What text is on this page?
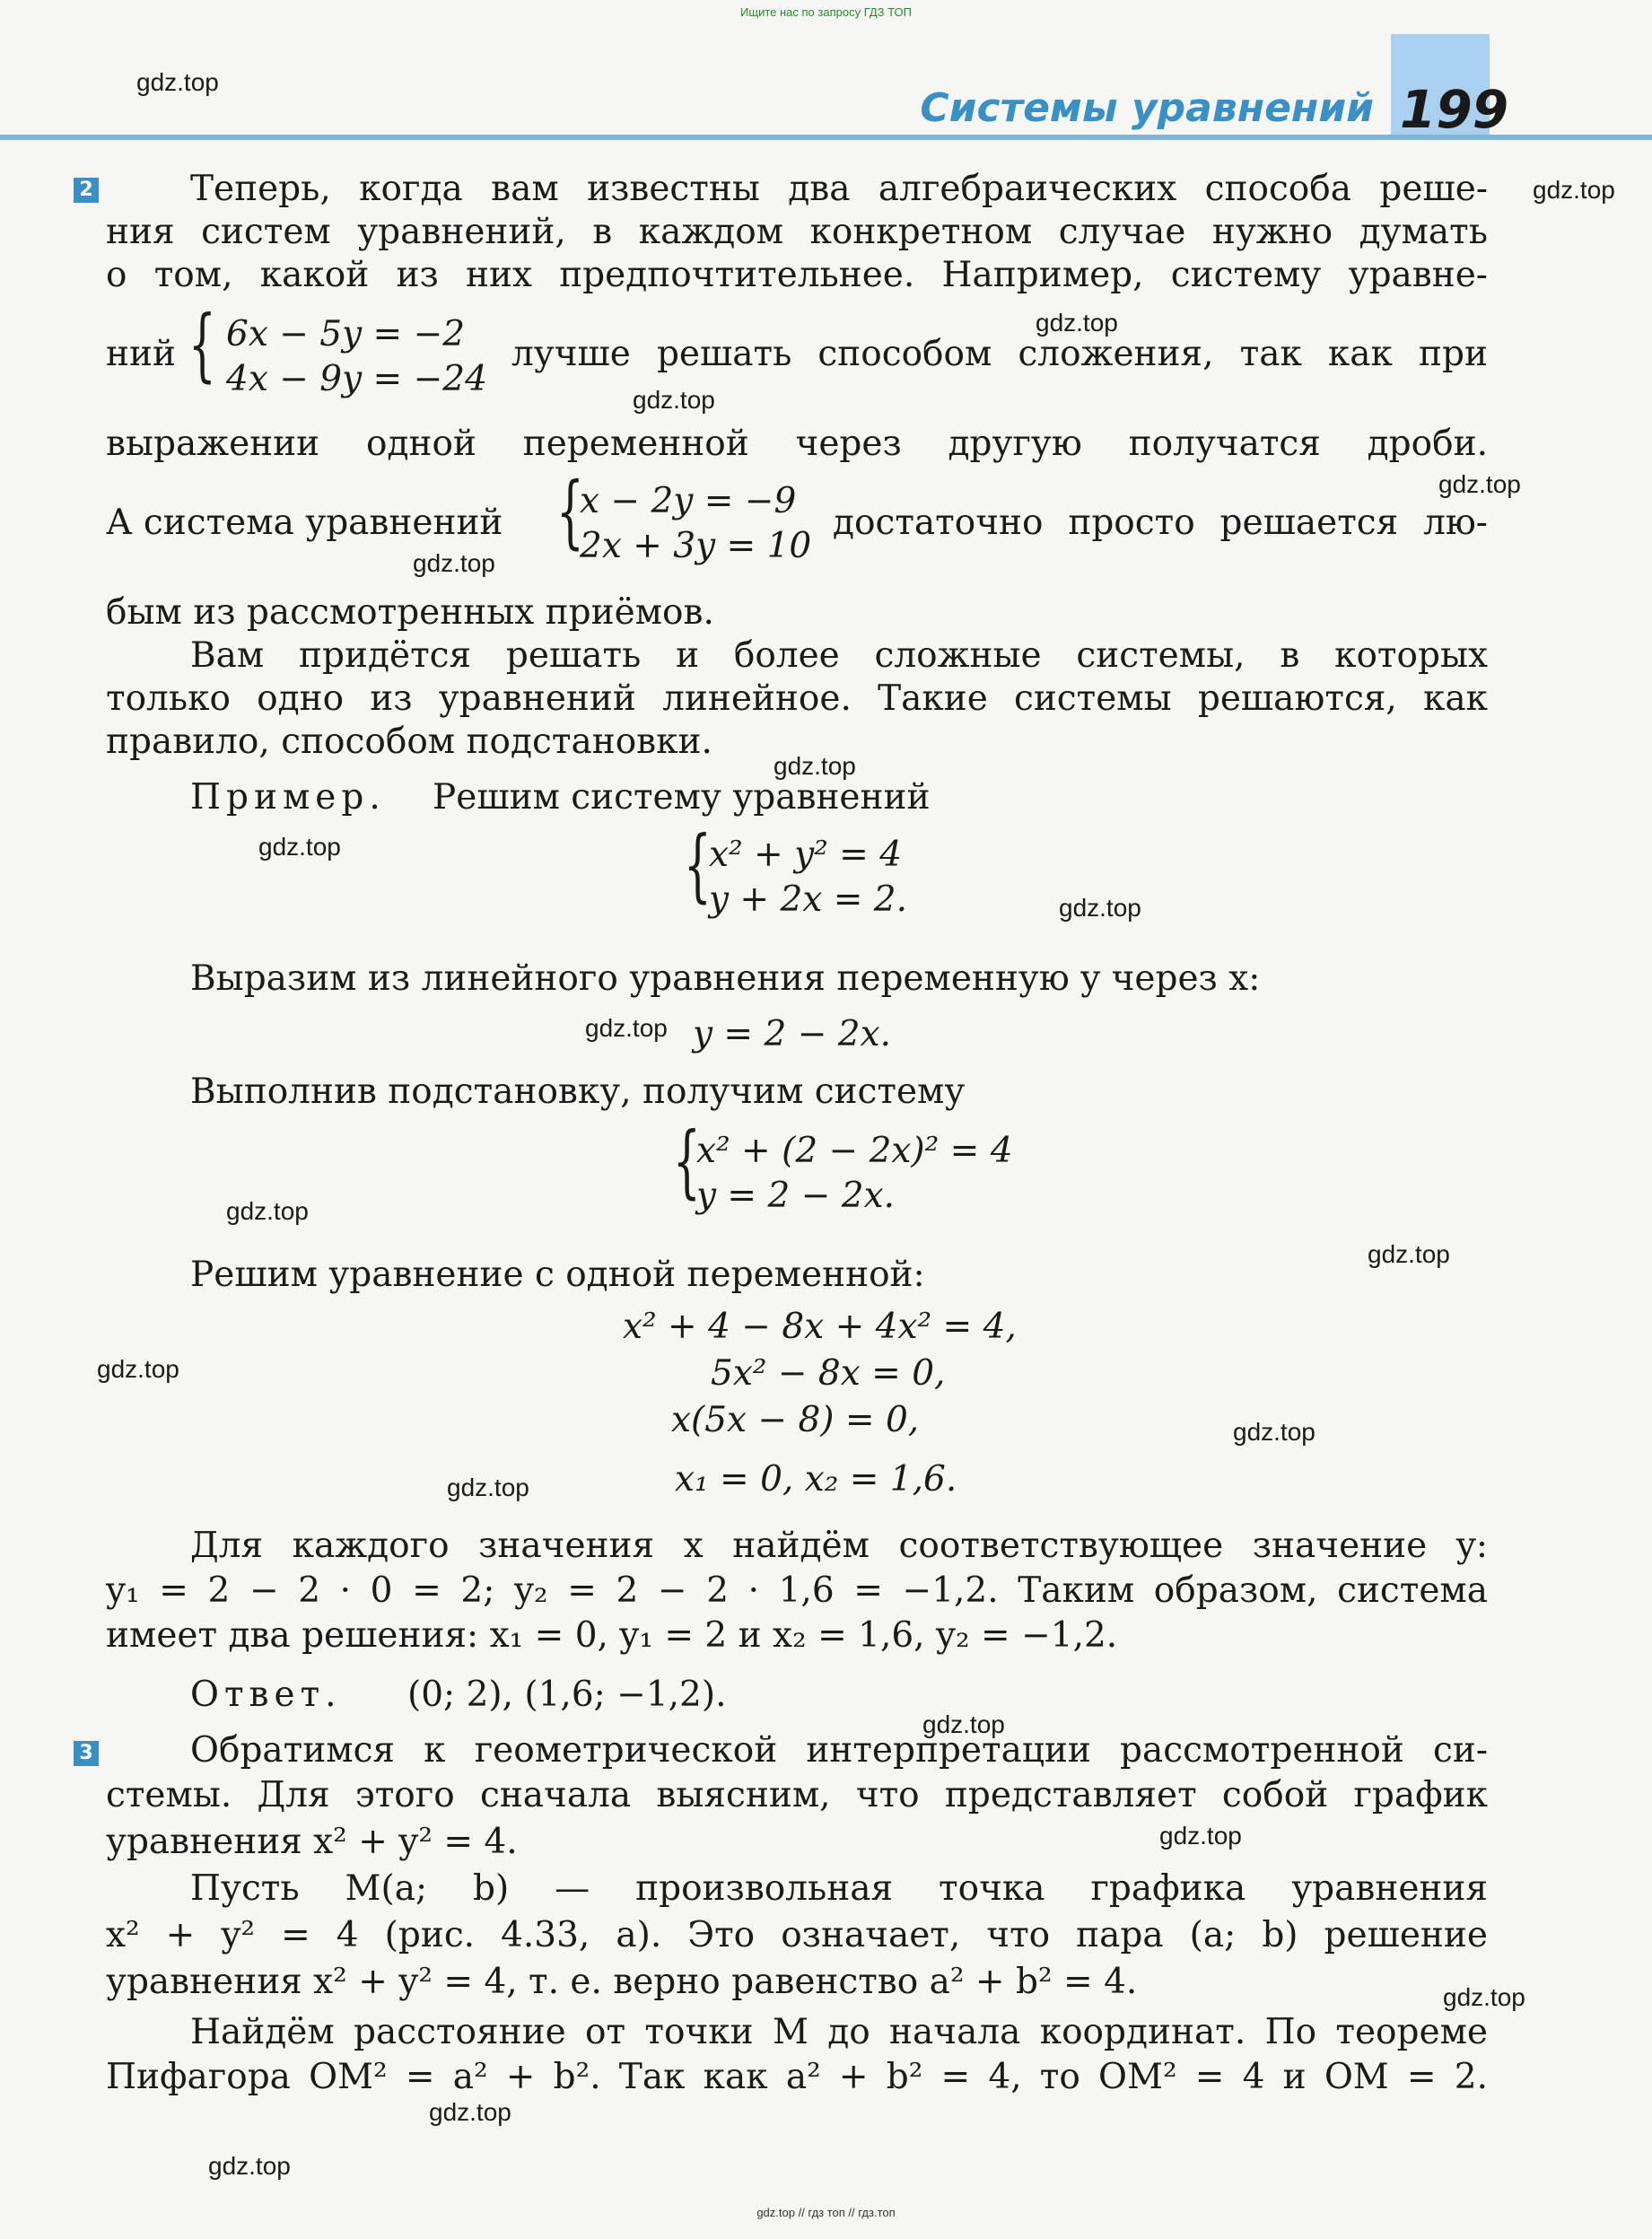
Ищите нас по запросу ГДЗ ТОП
Системы уравнений 199
gdz.top
gdz.top
gdz.top
gdz.top
gdz.top
gdz.top
gdz.top
gdz.top
gdz.top
gdz.top
gdz.top
gdz.top
gdz.top
gdz.top
gdz.top
gdz.top
gdz.top
gdz.top
gdz.top
gdz.top
2
3
Теперь, когда вам известны два алгебраических способа реше-
ния систем уравнений, в каждом конкретном случае нужно думать
о том, какой из них предпочтительнее. Например, систему уравне-
ний { 6x − 5y = −2
4x − 9y = −24
лучше решать способом сложения, так как при
выражении одной переменной через другую получатся дроби.
А система уравнений {
x − 2y = −9
2x + 3y = 10
достаточно просто решается лю-
бым из рассмотренных приёмов.
Вам придётся решать и более сложные системы, в которых
только одно из уравнений линейное. Такие системы решаются, как
правило, способом подстановки.
Пример.	Решим систему уравнений
{
x² + y² = 4
y + 2x = 2.
Выразим из линейного уравнения переменную y через x:
y = 2 − 2x.
Выполнив подстановку, получим систему
{
x² + (2 − 2x)² = 4
y = 2 − 2x.
Решим уравнение с одной переменной:
x² + 4 − 8x + 4x² = 4,
5x² − 8x = 0,
x(5x − 8) = 0,
x₁ = 0, x₂ = 1,6.
Для каждого значения x найдём соответствующее значение y:
y₁ = 2 − 2 · 0 = 2; y₂ = 2 − 2 · 1,6 = −1,2. Таким образом, система
имеет два решения: x₁ = 0, y₁ = 2 и x₂ = 1,6, y₂ = −1,2.
Ответ.	(0; 2), (1,6; −1,2).
Обратимся к геометрической интерпретации рассмотренной си-
стемы. Для этого сначала выясним, что представляет собой график
уравнения x² + y² = 4.
Пусть M(a; b) — произвольная точка графика уравнения
x² + y² = 4 (рис. 4.33, а). Это означает, что пара (a; b) решение
уравнения x² + y² = 4, т. е. верно равенство a² + b² = 4.
Найдём расстояние от точки M до начала координат. По теореме
Пифагора OM² = a² + b². Так как a² + b² = 4, то OM² = 4 и OM = 2.
gdz.top // гдз топ // гдз.топ
